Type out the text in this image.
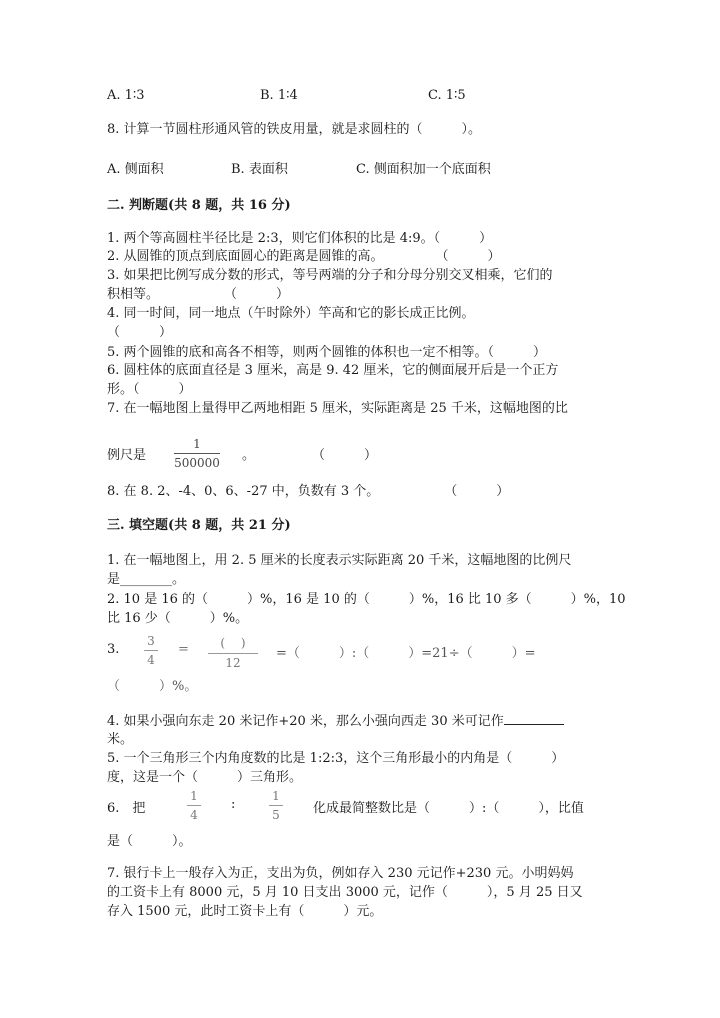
A. 1∶3	B. 1∶4	C. 1∶5
8. 计算一节圆柱形通风管的铁皮用量，就是求圆柱的（　　　）。
A. 侧面积	B. 表面积	C. 侧面积加一个底面积
二. 判断题(共 8 题，共 16 分)
1. 两个等高圆柱半径比是 2:3，则它们体积的比是 4:9。（　　　）
2. 从圆锥的顶点到底面圆心的距离是圆锥的高。　　　　　（　　　）
3. 如果把比例写成分数的形式，等号两端的分子和分母分别交叉相乘，它们的
积相等。　　　　　　（　　　）
4. 同一时间，同一地点（午时除外）竿高和它的影长成正比例。
（　　　）
5. 两个圆锥的底和高各不相等，则两个圆锥的体积也一定不相等。（　　　）
6. 圆柱体的底面直径是 3 厘米，高是 9. 42 厘米，它的侧面展开后是一个正方
形。（　　　）
7. 在一幅地图上量得甲乙两地相距 5 厘米，实际距离是 25 千米，这幅地图的比
例尺是
1
500000 。	（　　　）
8. 在 8. 2、-4、0、6、-27 中，负数有 3 个。　　　　　　（　　　）
三. 填空题(共 8 题，共 21 分)
1. 在一幅地图上，用 2. 5 厘米的长度表示实际距离 20 千米，这幅地图的比例尺
是________。
2. 10 是 16 的（　　　）%，16 是 10 的（　　　）%，16 比 10 多（　　　）%，10
比 16 少（　　　）%。
3.
3
4
=	(　 )
12
=（　　　）:（　　　）=21÷（　　　）=
（　　　）%。
4. 如果小强向东走 20 米记作+20 米，那么小强向西走 30 米可记作
米。
5. 一个三角形三个内角度数的比是 1:2:3，这个三角形最小的内角是（　　　）
度，这是一个（　　　）三角形。
6.　把
1
4
:
1
5	化成最简整数比是（　　　）:（　　　），比值
是（　　　）。
7. 银行卡上一般存入为正，支出为负，例如存入 230 元记作+230 元。小明妈妈
的工资卡上有 8000 元，5 月 10 日支出 3000 元，记作（　　　），5 月 25 日又
存入 1500 元，此时工资卡上有（　　　）元。
